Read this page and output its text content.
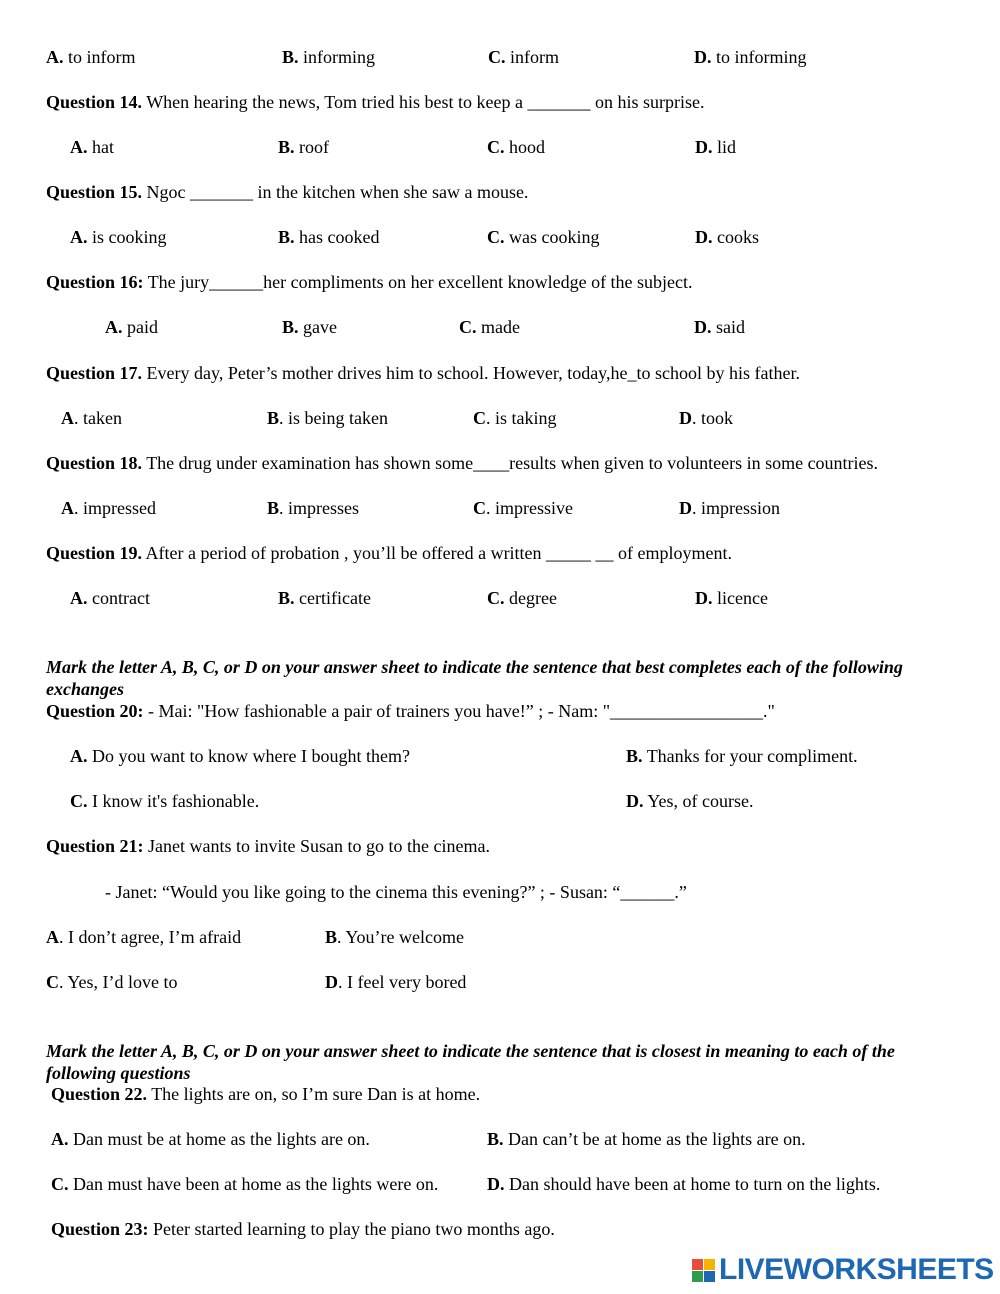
A. to inform	B. informing	C. inform	D. to informing
Question 14. When hearing the news, Tom tried his best to keep a _______ on his surprise.
A. hat	B. roof	C. hood	D. lid
Question 15. Ngoc _______ in the kitchen when she saw a mouse.
A. is cooking	B. has cooked	C. was cooking	D. cooks
Question 16: The jury______her compliments on her excellent knowledge of the subject.
A. paid	B. gave	C. made	D. said
Question 17. Every day, Peter’s mother drives him to school. However, today,he_to school by his father.
A. taken	B. is being taken	C. is taking	D. took
Question 18. The drug under examination has shown some____results when given to volunteers in some countries.
A. impressed	B. impresses	C. impressive	D. impression
Question 19. After a period of probation , you’ll be offered a written _____ __ of employment.
A. contract	B. certificate	C. degree	D. licence
Mark the letter A, B, C, or D on your answer sheet to indicate the sentence that best completes each of the following exchanges
Question 20: - Mai: "How fashionable a pair of trainers you have!” ; - Nam: "_________________."
A. Do you want to know where I bought them?	B. Thanks for your compliment.
C. I know it's fashionable.	D. Yes, of course.
Question 21: Janet wants to invite Susan to go to the cinema.
- Janet: “Would you like going to the cinema this evening?” ; - Susan: “______.”
A. I don’t agree, I’m afraid	B. You’re welcome
C. Yes, I’d love to	D. I feel very bored
Mark the letter A, B, C, or D on your answer sheet to indicate the sentence that is closest in meaning to each of the following questions
Question 22. The lights are on, so I’m sure Dan is at home.
A. Dan must be at home as the lights are on.	B. Dan can’t be at home as the lights are on.
C. Dan must have been at home as the lights were on.	D. Dan should have been at home to turn on the lights.
Question 23: Peter started learning to play the piano two months ago.
LIVEWORKSHEETS
